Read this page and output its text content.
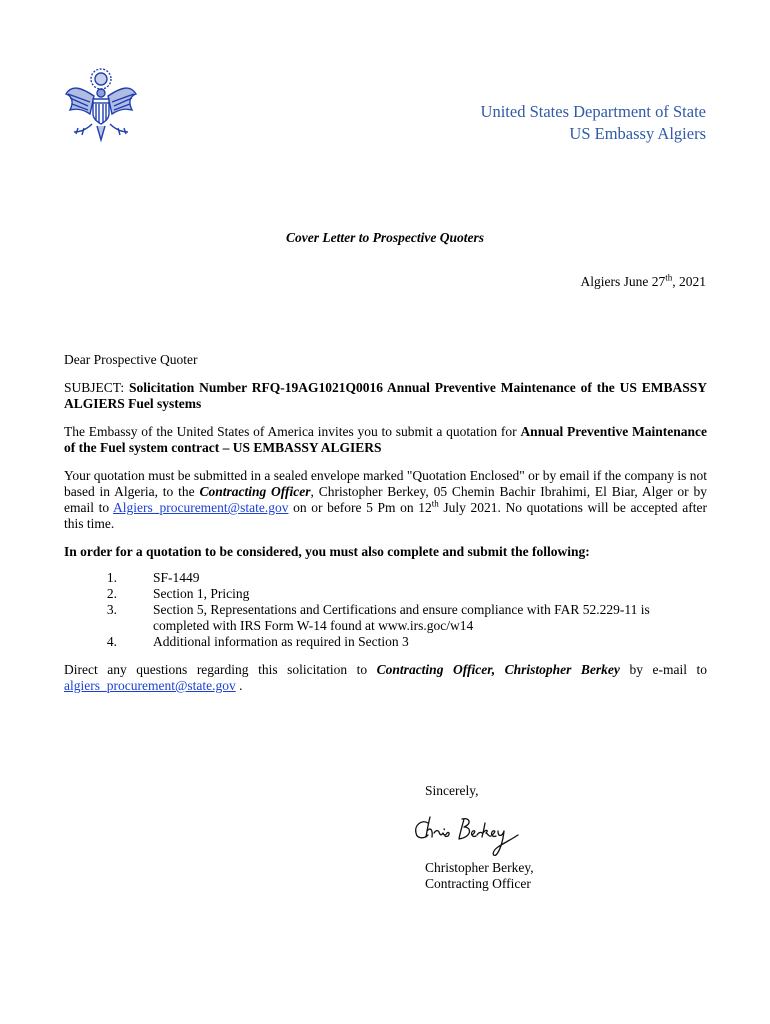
United States Department of State
US Embassy Algiers
Cover Letter to Prospective Quoters
Algiers June 27th, 2021

Dear Prospective Quoter

SUBJECT: Solicitation Number RFQ-19AG1021Q0016 Annual Preventive Maintenance of the US EMBASSY ALGIERS Fuel systems

The Embassy of the United States of America invites you to submit a quotation for Annual Preventive Maintenance of the Fuel system contract – US EMBASSY ALGIERS

Your quotation must be submitted in a sealed envelope marked "Quotation Enclosed" or by email if the company is not based in Algeria, to the Contracting Officer, Christopher Berkey, 05 Chemin Bachir Ibrahimi, El Biar, Alger or by email to Algiers_procurement@state.gov on or before 5 Pm on 12th July 2021. No quotations will be accepted after this time.

In order for a quotation to be considered, you must also complete and submit the following:

1.	SF-1449
2.	Section 1, Pricing
3.	Section 5, Representations and Certifications and ensure compliance with FAR 52.229-11 is completed with IRS Form W-14 found at www.irs.goc/w14
4.	Additional information as required in Section 3

Direct any questions regarding this solicitation to Contracting Officer, Christopher Berkey by e-mail to algiers_procurement@state.gov .

Sincerely,
Christopher Berkey,
Contracting Officer
